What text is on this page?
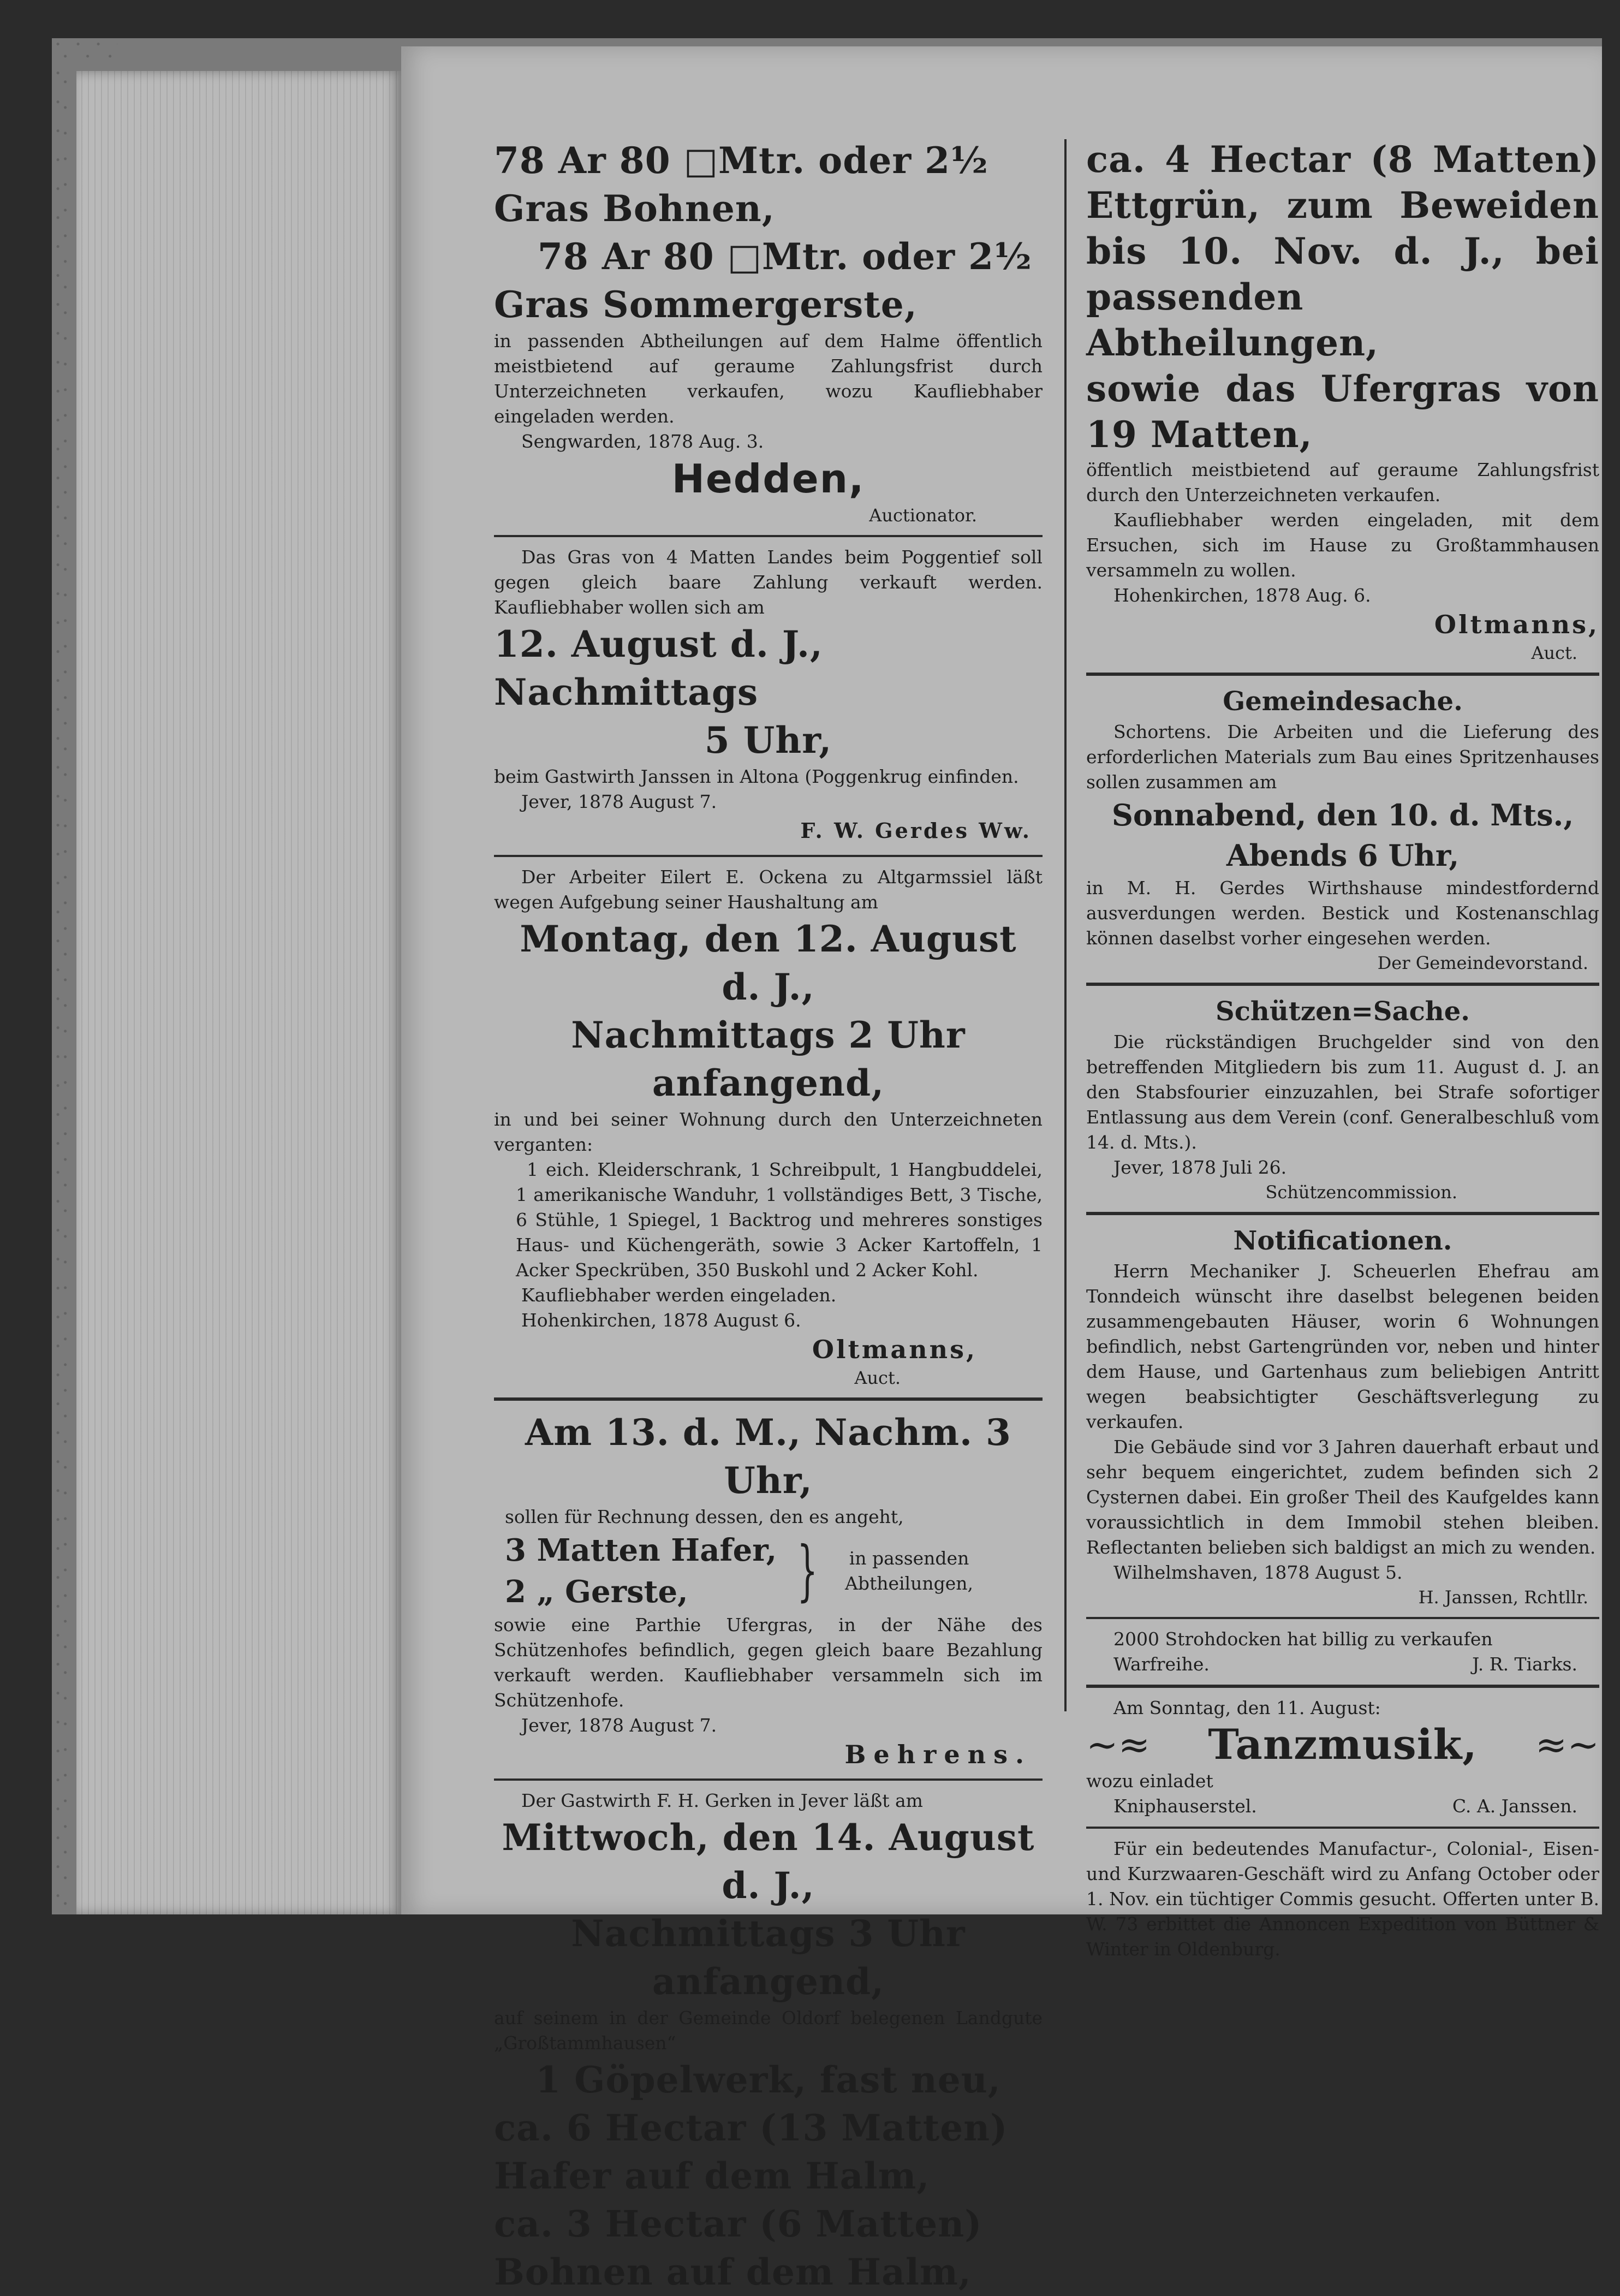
78 Ar 80 □Mtr. oder 2½

Gras Bohnen,

78 Ar 80 □Mtr. oder 2½

Gras Sommergerste,

in passenden Abtheilungen auf dem Halme öffentlich meistbietend auf geraume Zahlungsfrist durch Unterzeichneten verkaufen, wozu Kaufliebhaber eingeladen werden.

Sengwarden, 1878 Aug. 3.

Hedden,

Auctionator.

Das Gras von 4 Matten Landes beim Poggentief soll gegen gleich baare Zahlung verkauft werden. Kaufliebhaber wollen sich am

12. August d. J., Nachmittags

5 Uhr,

beim Gastwirth Janssen in Altona (Poggenkrug einfinden.

Jever, 1878 August 7.

F. W. Gerdes Ww.

Der Arbeiter Eilert E. Ockena zu Altgarmssiel läßt wegen Aufgebung seiner Haushaltung am

Montag, den 12. August d. J.,

Nachmittags 2 Uhr anfangend,

in und bei seiner Wohnung durch den Unterzeichneten verganten:

1 eich. Kleiderschrank, 1 Schreibpult, 1 Hangbuddelei, 1 amerikanische Wanduhr, 1 vollständiges Bett, 3 Tische, 6 Stühle, 1 Spiegel, 1 Backtrog und mehreres sonstiges Haus- und Küchengeräth, sowie 3 Acker Kartoffeln, 1 Acker Speckrüben, 350 Buskohl und 2 Acker Kohl.

Kaufliebhaber werden eingeladen.

Hohenkirchen, 1878 August 6.

Oltmanns,

Auct.

Am 13. d. M., Nachm. 3 Uhr,

sollen für Rechnung dessen, den es angeht,

3 Matten Hafer,

2 „ Gerste,	}	in passenden Abtheilungen,

sowie eine Parthie Ufergras, in der Nähe des Schützenhofes befindlich, gegen gleich baare Bezahlung verkauft werden. Kaufliebhaber versammeln sich im Schützenhofe.

Jever, 1878 August 7.

Behrens.

Der Gastwirth F. H. Gerken in Jever läßt am

Mittwoch, den 14. August d. J.,

Nachmittags 3 Uhr anfangend,

auf seinem in der Gemeinde Oldorf belegenen Landgute „Großtammhausen“

1 Göpelwerk, fast neu,

ca. 6 Hectar (13 Matten)

Hafer auf dem Halm,

ca. 3 Hectar (6 Matten)

Bohnen auf dem Halm,

ca. 4 Hectar (8 Matten) Ettgrün, zum Beweiden bis 10. Nov. d. J., bei passenden Abtheilungen,

sowie das Ufergras von 19 Matten,

öffentlich meistbietend auf geraume Zahlungsfrist durch den Unterzeichneten verkaufen.

Kaufliebhaber werden eingeladen, mit dem Ersuchen, sich im Hause zu Großtammhausen versammeln zu wollen.

Hohenkirchen, 1878 Aug. 6.

Oltmanns,

Auct.

Gemeindesache.

Schortens. Die Arbeiten und die Lieferung des erforderlichen Materials zum Bau eines Spritzenhauses sollen zusammen am

Sonnabend, den 10. d. Mts.,

Abends 6 Uhr,

in M. H. Gerdes Wirthshause mindestfordernd ausverdungen werden. Bestick und Kostenanschlag können daselbst vorher eingesehen werden.

Der Gemeindevorstand.

Schützen=Sache.

Die rückständigen Bruchgelder sind von den betreffenden Mitgliedern bis zum 11. August d. J. an den Stabsfourier einzuzahlen, bei Strafe sofortiger Entlassung aus dem Verein (conf. Generalbeschluß vom 14. d. Mts.).

Jever, 1878 Juli 26.

Schützencommission.

Notificationen.

Herrn Mechaniker J. Scheuerlen Ehefrau am Tonndeich wünscht ihre daselbst belegenen beiden zusammengebauten Häuser, worin 6 Wohnungen befindlich, nebst Gartengründen vor, neben und hinter dem Hause, und Gartenhaus zum beliebigen Antritt wegen beabsichtigter Geschäftsverlegung zu verkaufen.

Die Gebäude sind vor 3 Jahren dauerhaft erbaut und sehr bequem eingerichtet, zudem befinden sich 2 Cysternen dabei. Ein großer Theil des Kaufgeldes kann voraussichtlich in dem Immobil stehen bleiben. Reflectanten belieben sich baldigst an mich zu wenden.

Wilhelmshaven, 1878 August 5.

H. Janssen, Rchtllr.

2000 Strohdocken hat billig zu verkaufen

Warfreihe.	J. R. Tiarks.

Am Sonntag, den 11. August:

~≈ Tanzmusik, ≈~

wozu einladet

Kniphauserstel.	C. A. Janssen.

Für ein bedeutendes Manufactur-, Colonial-, Eisen- und Kurzwaaren-Geschäft wird zu Anfang October oder 1. Nov. ein tüchtiger Commis gesucht. Offerten unter B. W. 73 erbittet die Annoncen Expedition von Büttner & Winter in Oldenburg.
